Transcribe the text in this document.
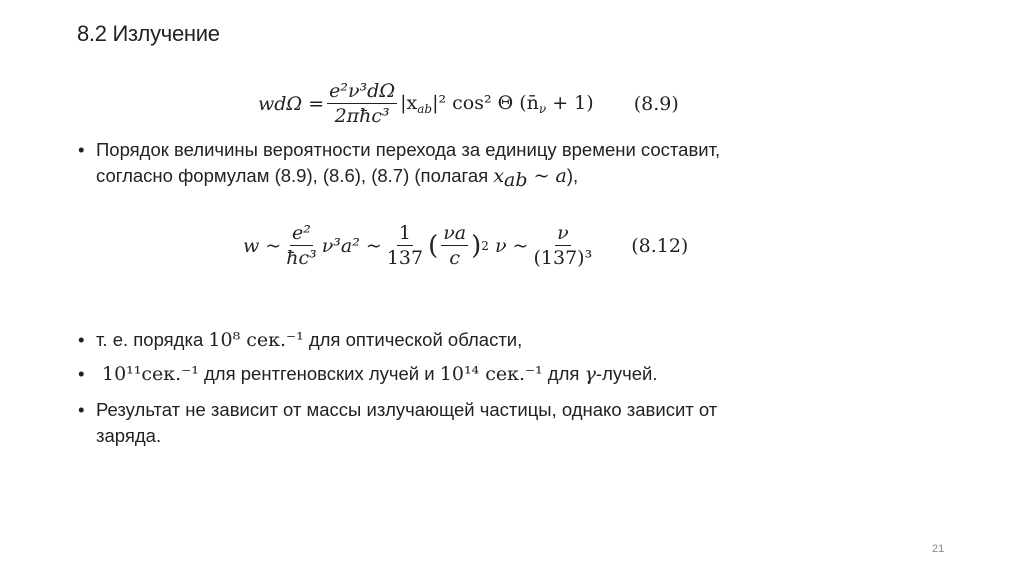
8.2 Излучение
$wd\Omega = \frac{\text{e²ν³dΩ}}{\text{2πħc³}} |x_{ab}|^2$ cos² Θ $(n̄_\nu + 1)$ (8.9)
• Порядок величины вероятности перехода за единицу времени составит,
согласно формулам (8.9), (8.6), (8.7) (полагая $x_{ab}$ ~ a),
w ~ $\frac{\text{e²}}{\text{ħc³}} \nu^3a^2$ ~ $\frac{1}{137}$ ( $\frac{\nu a}{c}$ ) 2
ν ~ $\frac{\nu}{\text{(137)³}} (8.12)$
• т. е. порядка 10⁸ сек.⁻¹ для оптической области,
• 10¹¹сек.⁻¹ для рентгеновских лучей и 10¹⁴ сек.⁻¹ для γ-лучей.
• Результат не зависит от массы излучающей частицы, однако зависит от
заряда.
21
